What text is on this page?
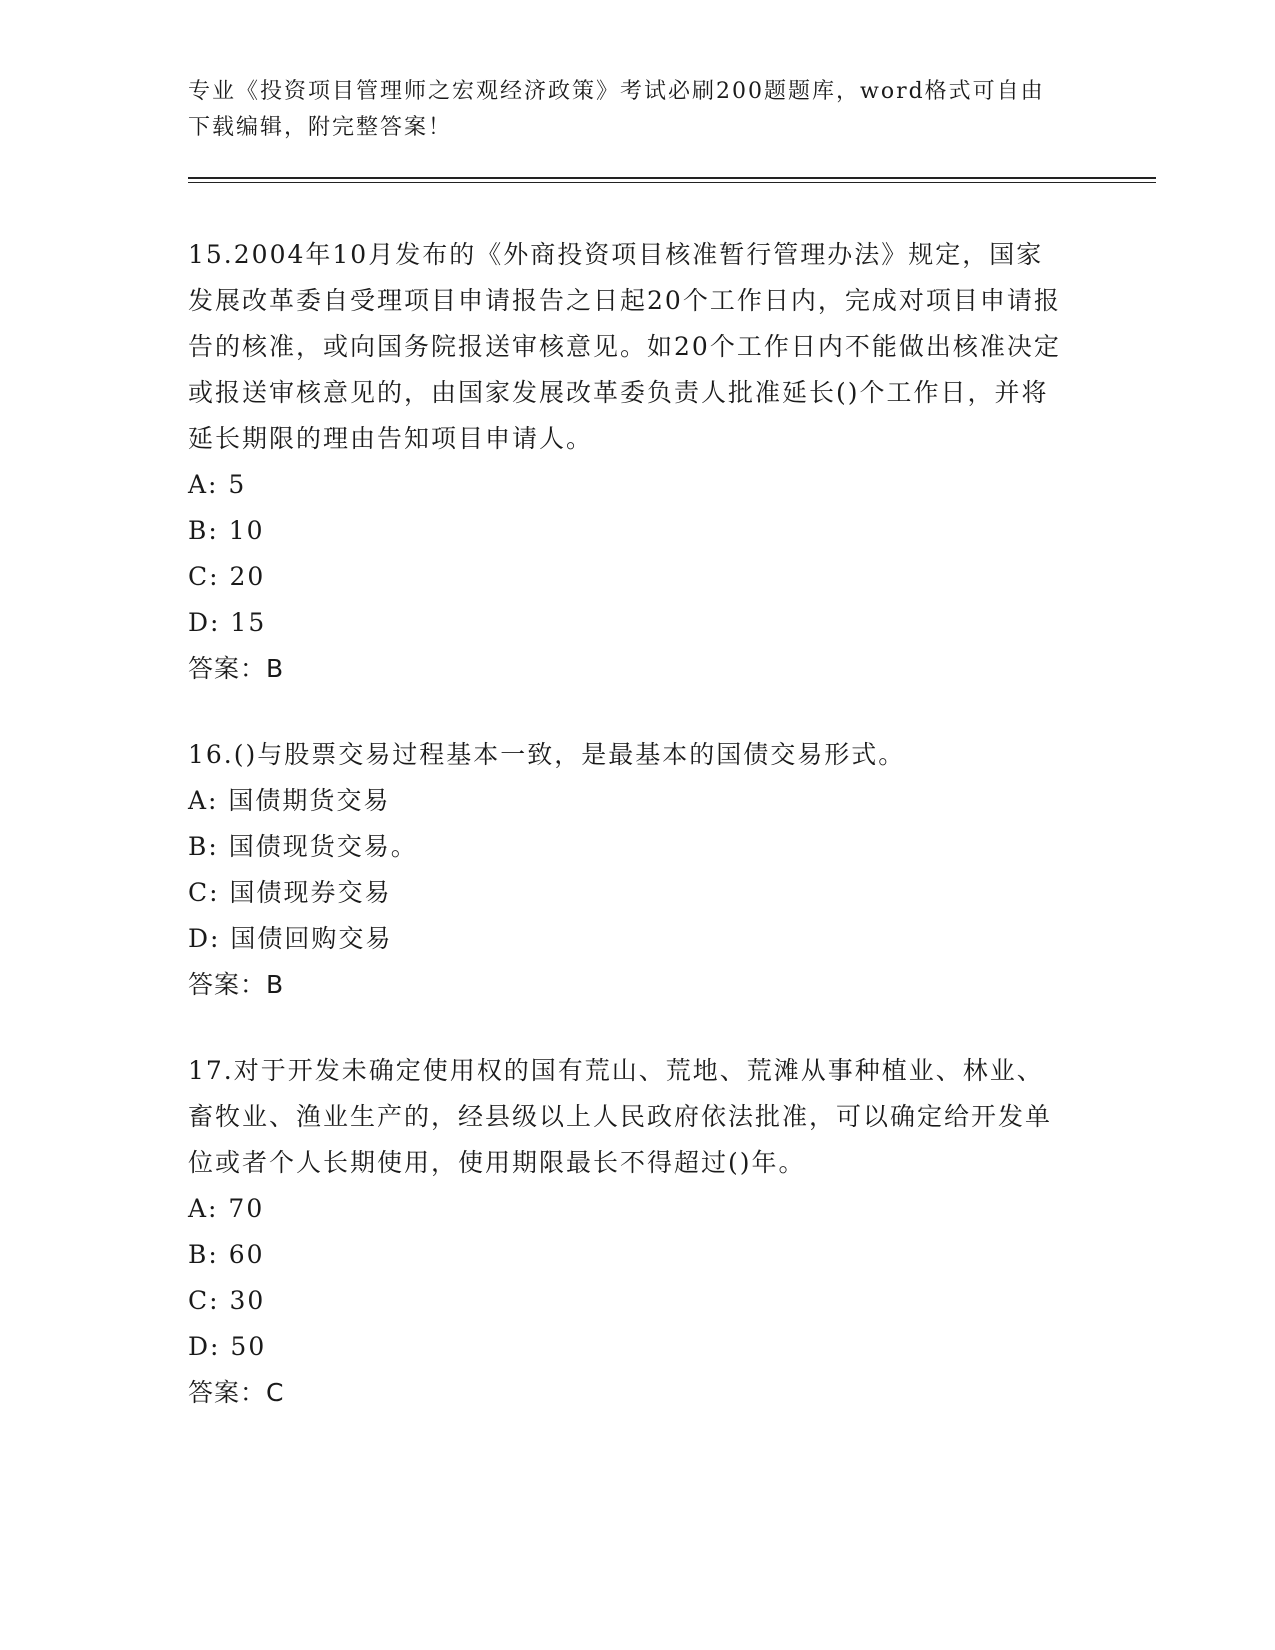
专业《投资项目管理师之宏观经济政策》考试必刷200题题库，word格式可自由下载编辑，附完整答案！
15.2004年10月发布的《外商投资项目核准暂行管理办法》规定，国家发展改革委自受理项目申请报告之日起20个工作日内，完成对项目申请报告的核准，或向国务院报送审核意见。如20个工作日内不能做出核准决定或报送审核意见的，由国家发展改革委负责人批准延长()个工作日，并将延长期限的理由告知项目申请人。
A: 5
B: 10
C: 20
D: 15
答案：B
16.()与股票交易过程基本一致，是最基本的国债交易形式。
A: 国债期货交易
B: 国债现货交易。
C: 国债现券交易
D: 国债回购交易
答案：B
17.对于开发未确定使用权的国有荒山、荒地、荒滩从事种植业、林业、畜牧业、渔业生产的，经县级以上人民政府依法批准，可以确定给开发单位或者个人长期使用，使用期限最长不得超过()年。
A: 70
B: 60
C: 30
D: 50
答案：C
